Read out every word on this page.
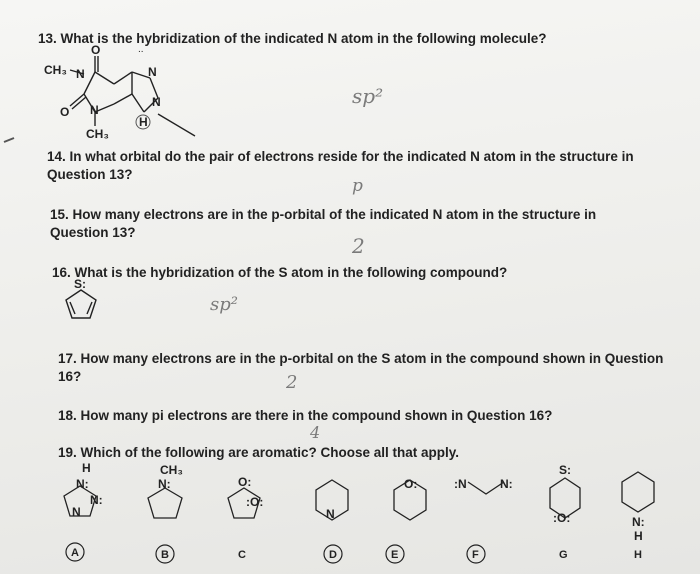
13. What is the hybridization of the indicated N atom in the following molecule?
14. In what orbital do the pair of electrons reside for the indicated N atom in the structure in
Question 13?
15. How many electrons are in the p-orbital of the indicated N atom in the structure in
Question 13?
16. What is the hybridization of the S atom in the following compound?
17. How many electrons are in the p-orbital on the S atom in the compound shown in Question
16?
18. How many pi electrons are there in the compound shown in Question 16?
19. Which of the following are aromatic? Choose all that apply.
sp²
p
2
sp²
2
4
O
CH₃ N	N
O N
N
H
CH₃
..
S:
H
N:
N:
N
A
CH₃
N:
B
O:
:O:
C
N
D
O:
E
:N	N:
F
S:
:O:
G
N:
H
H
